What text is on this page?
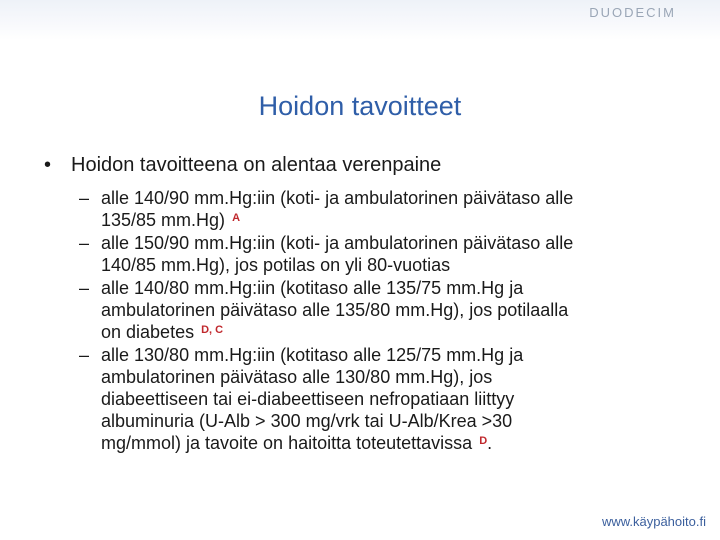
DUODECIM
Hoidon tavoitteet
• Hoidon tavoitteena on alentaa verenpaine
– alle 140/90 mm.Hg:iin (koti- ja ambulatorinen päivätaso alle
135/85 mm.Hg) $^A$
– alle 150/90 mm.Hg:iin (koti- ja ambulatorinen päivätaso alle
140/85 mm.Hg), jos potilas on yli 80-vuotias
– alle 140/80 mm.Hg:iin (kotitaso alle 135/75 mm.Hg ja
ambulatorinen päivätaso alle 135/80 mm.Hg), jos potilaalla
on diabetes $^{D, C}$
– alle 130/80 mm.Hg:iin (kotitaso alle 125/75 mm.Hg ja
ambulatorinen päivätaso alle 130/80 mm.Hg), jos
diabeettiseen tai ei-diabeettiseen nefropatiaan liittyy
albuminuria (U-Alb > 300 mg/vrk tai U-Alb/Krea >30
mg/mmol) ja tavoite on haitoitta toteutettavissa $^D$.
www.käypähoito.fi
